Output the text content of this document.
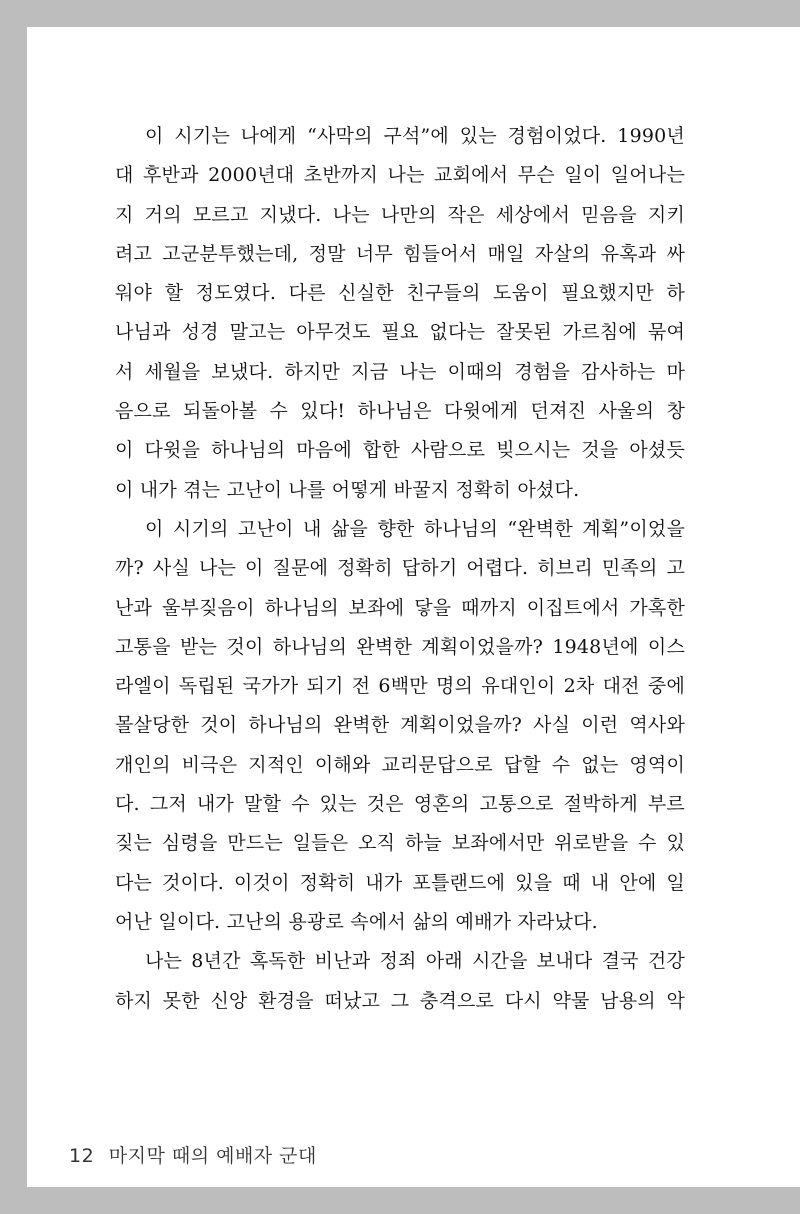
이 시기는 나에게 “사막의 구석”에 있는 경험이었다. 1990년
대 후반과 2000년대 초반까지 나는 교회에서 무슨 일이 일어나는
지 거의 모르고 지냈다. 나는 나만의 작은 세상에서 믿음을 지키
려고 고군분투했는데, 정말 너무 힘들어서 매일 자살의 유혹과 싸
워야 할 정도였다. 다른 신실한 친구들의 도움이 필요했지만 하
나님과 성경 말고는 아무것도 필요 없다는 잘못된 가르침에 묶여
서 세월을 보냈다. 하지만 지금 나는 이때의 경험을 감사하는 마
음으로 되돌아볼 수 있다! 하나님은 다윗에게 던져진 사울의 창
이 다윗을 하나님의 마음에 합한 사람으로 빚으시는 것을 아셨듯
이 내가 겪는 고난이 나를 어떻게 바꿀지 정확히 아셨다.
이 시기의 고난이 내 삶을 향한 하나님의 “완벽한 계획”이었을
까? 사실 나는 이 질문에 정확히 답하기 어렵다. 히브리 민족의 고
난과 울부짖음이 하나님의 보좌에 닿을 때까지 이집트에서 가혹한
고통을 받는 것이 하나님의 완벽한 계획이었을까? 1948년에 이스
라엘이 독립된 국가가 되기 전 6백만 명의 유대인이 2차 대전 중에
몰살당한 것이 하나님의 완벽한 계획이었을까? 사실 이런 역사와
개인의 비극은 지적인 이해와 교리문답으로 답할 수 없는 영역이
다. 그저 내가 말할 수 있는 것은 영혼의 고통으로 절박하게 부르
짖는 심령을 만드는 일들은 오직 하늘 보좌에서만 위로받을 수 있
다는 것이다. 이것이 정확히 내가 포틀랜드에 있을 때 내 안에 일
어난 일이다. 고난의 용광로 속에서 삶의 예배가 자라났다.
나는 8년간 혹독한 비난과 정죄 아래 시간을 보내다 결국 건강
하지 못한 신앙 환경을 떠났고 그 충격으로 다시 약물 남용의 악
12 마지막 때의 예배자 군대
